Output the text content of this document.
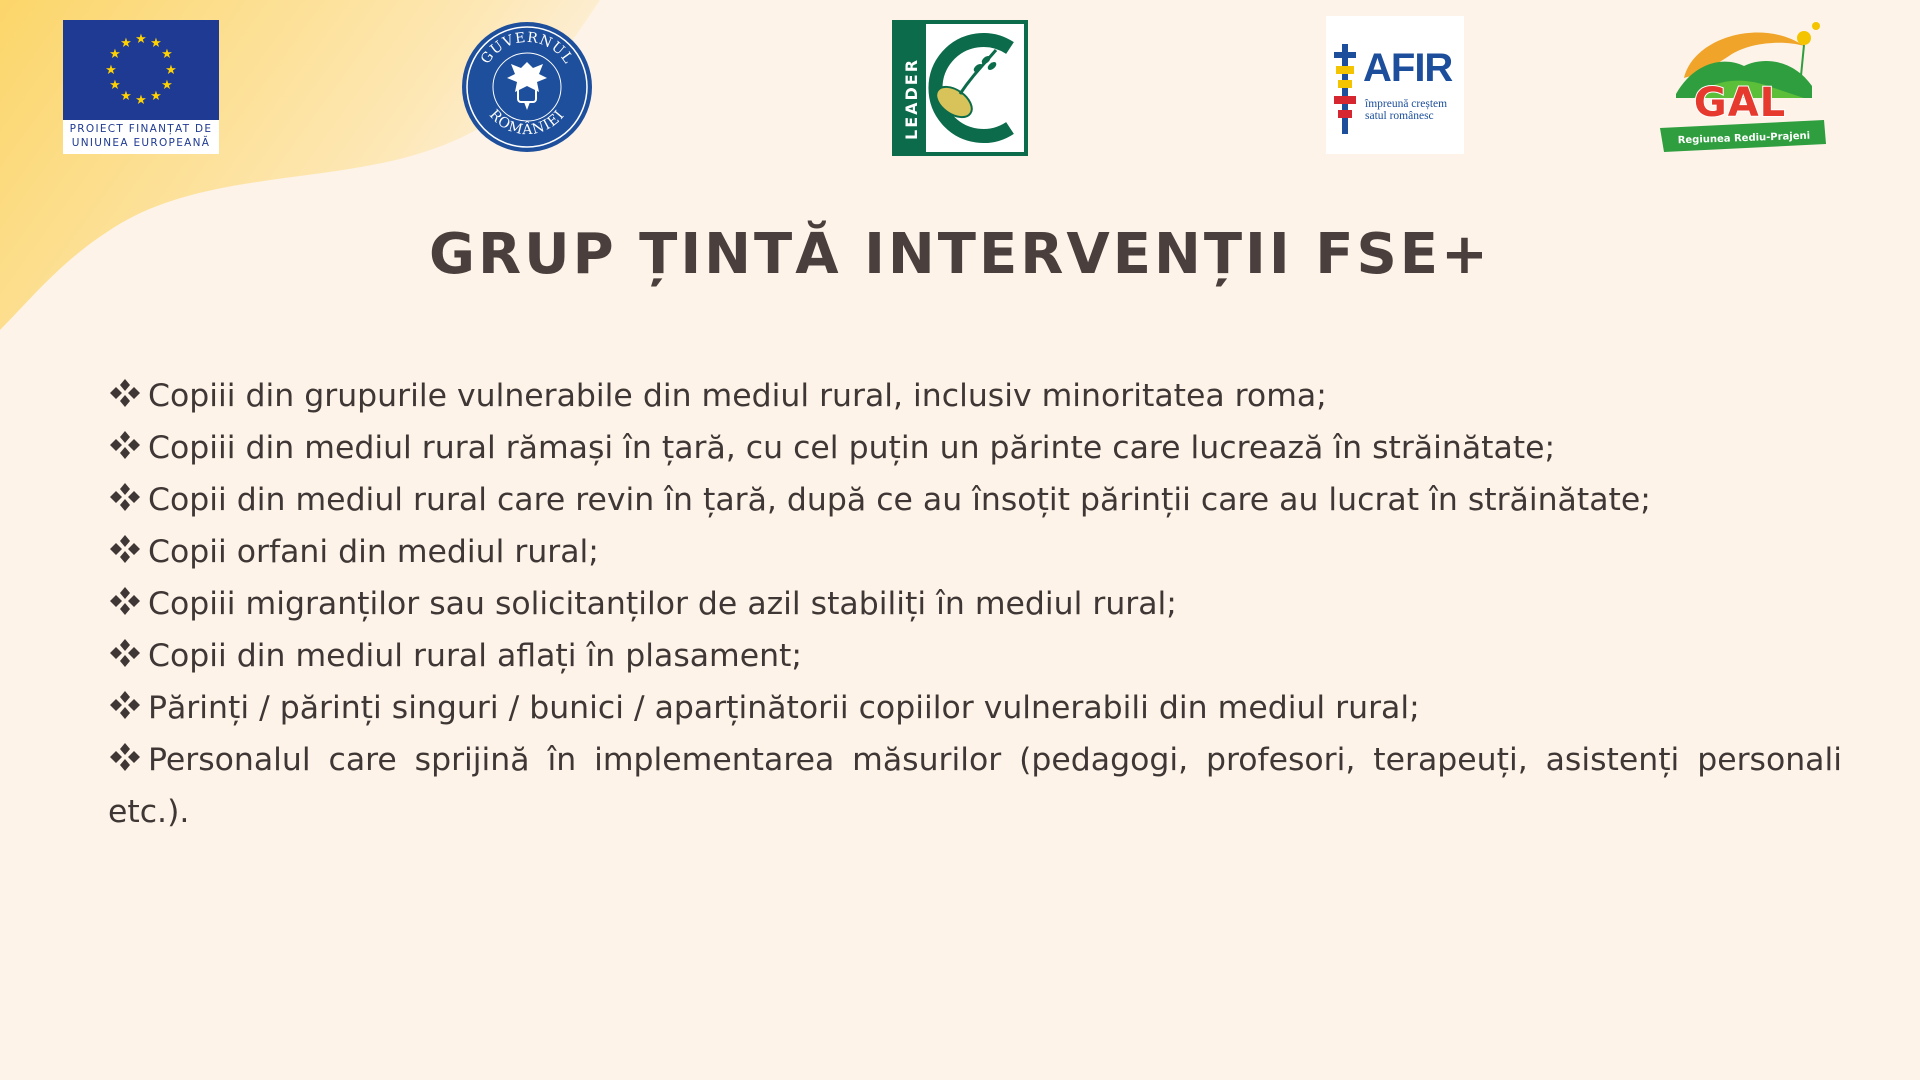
★ ★
★
★
★
★
★
★
★
★
★
★
PROIECT FINANȚAT DE
UNIUNEA EUROPEANĂ
GUVERNUL
ROMÂNIEI	LEADER	AFIR
împreună creștem
satul românesc	GAL
Regiunea Rediu-Prajeni
GRUP ȚINTĂ INTERVENȚII FSE+
Copiii din grupurile vulnerabile din mediul rural, inclusiv minoritatea roma;
Copiii din mediul rural rămași în țară, cu cel puțin un părinte care lucrează în străinătate;
Copii din mediul rural care revin în țară, după ce au însoțit părinții care au lucrat în străinătate;
Copii orfani din mediul rural;
Copiii migranților sau solicitanților de azil stabiliți în mediul rural;
Copii din mediul rural aflați în plasament;
Părinți / părinți singuri / bunici / aparținătorii copiilor vulnerabili din mediul rural;
Personalul care sprijină în implementarea măsurilor (pedagogi, profesori, terapeuți, asistenți personali etc.).
